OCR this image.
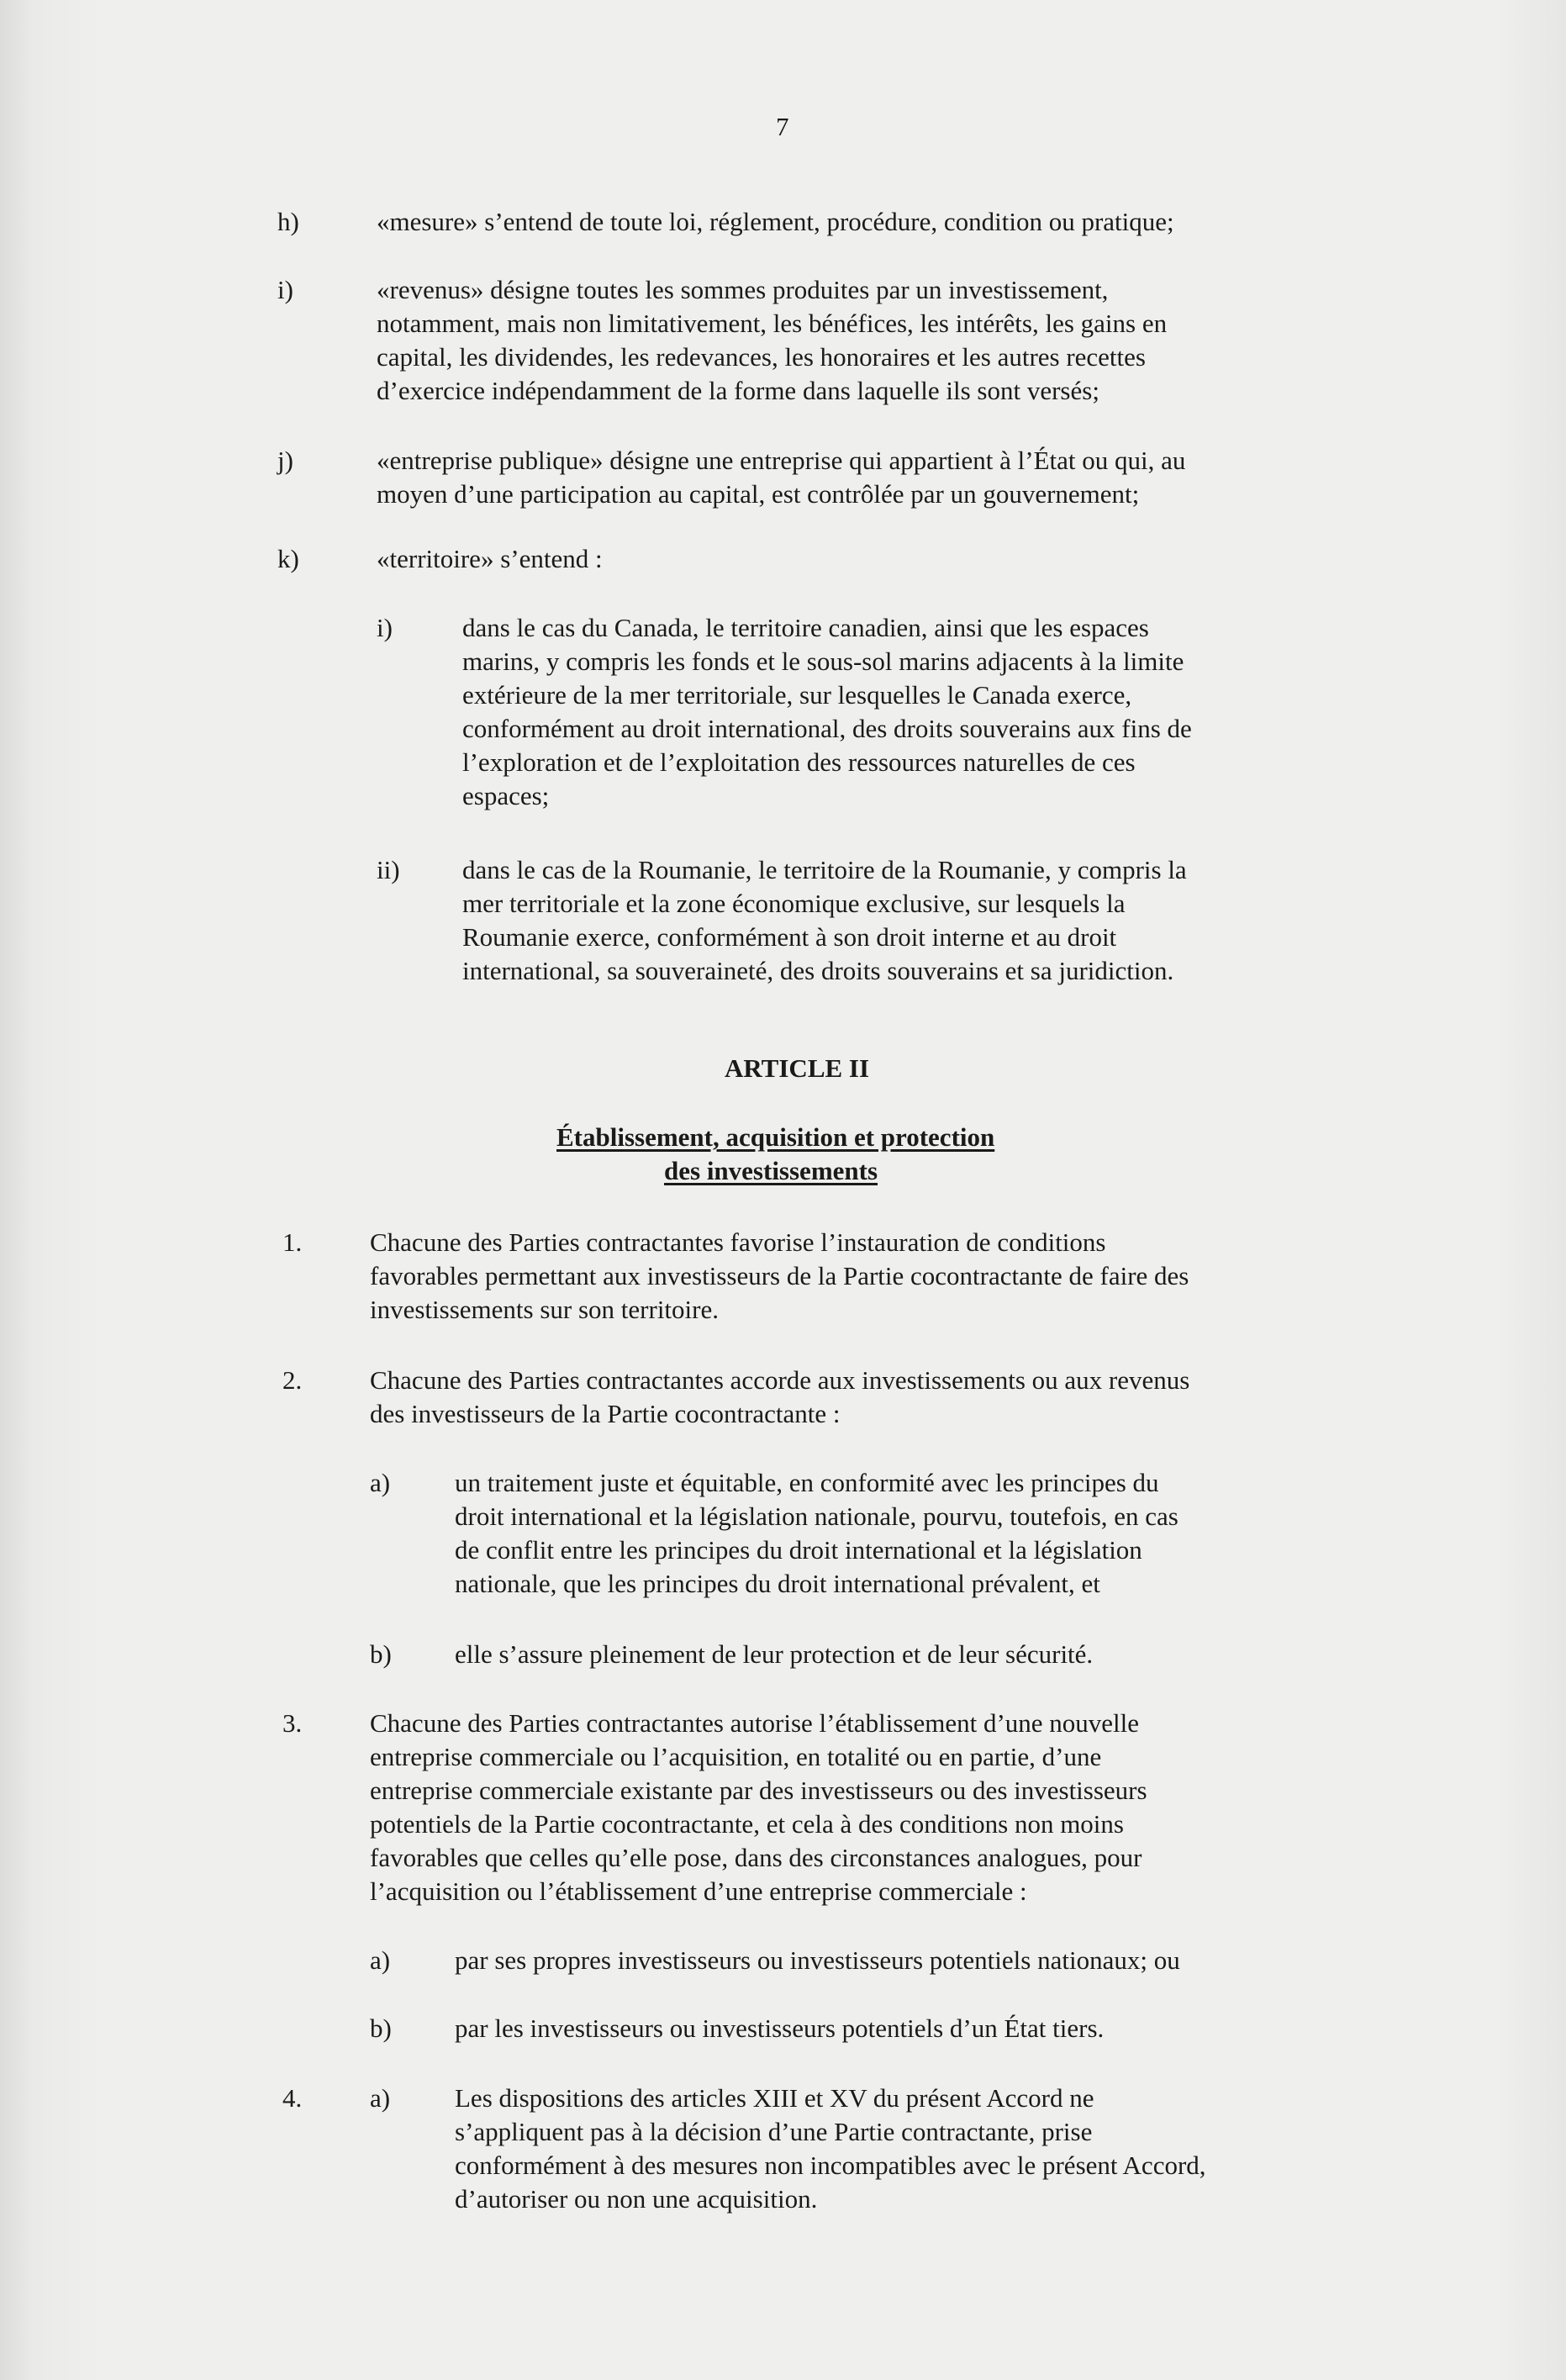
7
h)	«mesure» s’entend de toute loi, réglement, procédure, condition ou pratique;
i)	«revenus» désigne toutes les sommes produites par un investissement,
notamment, mais non limitativement, les bénéfices, les intérêts, les gains en
capital, les dividendes, les redevances, les honoraires et les autres recettes
d’exercice indépendamment de la forme dans laquelle ils sont versés;
j)	«entreprise publique» désigne une entreprise qui appartient à l’État ou qui, au
moyen d’une participation au capital, est contrôlée par un gouvernement;
k)	«territoire» s’entend :
i)	dans le cas du Canada, le territoire canadien, ainsi que les espaces
marins, y compris les fonds et le sous-sol marins adjacents à la limite
extérieure de la mer territoriale, sur lesquelles le Canada exerce,
conformément au droit international, des droits souverains aux fins de
l’exploration et de l’exploitation des ressources naturelles de ces
espaces;
ii) dans le cas de la Roumanie, le territoire de la Roumanie, y compris la
mer territoriale et la zone économique exclusive, sur lesquels la
Roumanie exerce, conformément à son droit interne et au droit
international, sa souveraineté, des droits souverains et sa juridiction.
ARTICLE II
Établissement, acquisition et protection
des investissements
1.	Chacune des Parties contractantes favorise l’instauration de conditions
favorables permettant aux investisseurs de la Partie cocontractante de faire des
investissements sur son territoire.
2.	Chacune des Parties contractantes accorde aux investissements ou aux revenus
des investisseurs de la Partie cocontractante :
a) un traitement juste et équitable, en conformité avec les principes du
droit international et la législation nationale, pourvu, toutefois, en cas
de conflit entre les principes du droit international et la législation
nationale, que les principes du droit international prévalent, et
b) elle s’assure pleinement de leur protection et de leur sécurité.
3.	Chacune des Parties contractantes autorise l’établissement d’une nouvelle
entreprise commerciale ou l’acquisition, en totalité ou en partie, d’une
entreprise commerciale existante par des investisseurs ou des investisseurs
potentiels de la Partie cocontractante, et cela à des conditions non moins
favorables que celles qu’elle pose, dans des circonstances analogues, pour
l’acquisition ou l’établissement d’une entreprise commerciale :
a) par ses propres investisseurs ou investisseurs potentiels nationaux; ou
b) par les investisseurs ou investisseurs potentiels d’un État tiers.
4.	a) Les dispositions des articles XIII et XV du présent Accord ne
s’appliquent pas à la décision d’une Partie contractante, prise
conformément à des mesures non incompatibles avec le présent Accord,
d’autoriser ou non une acquisition.
